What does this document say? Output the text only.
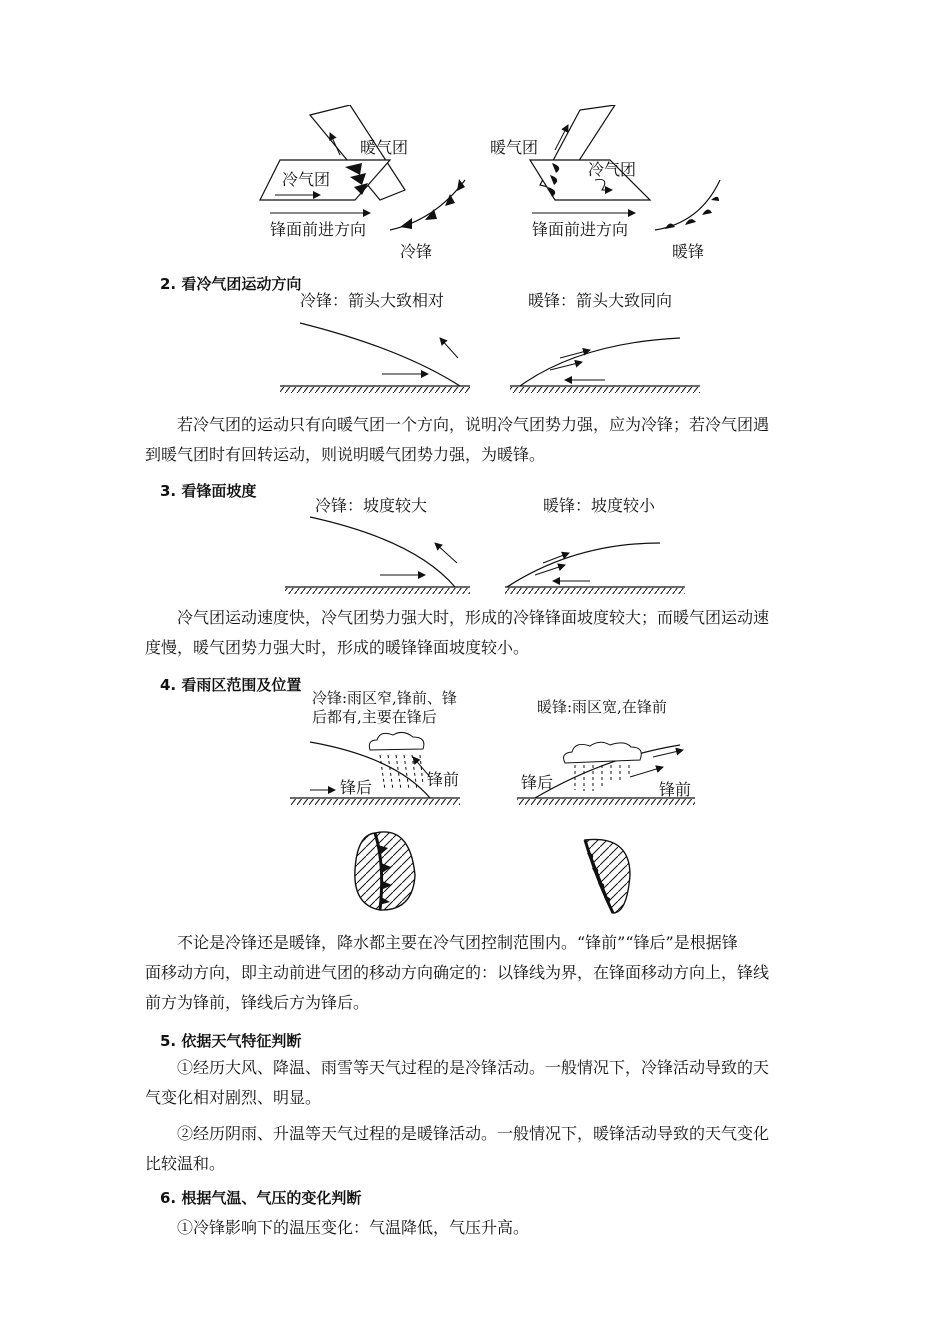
暖气团
冷气团
锋面前进方向
冷锋
暖气团
冷气团
锋面前进方向
暖锋
2. 看冷气团运动方向
冷锋：箭头大致相对	暖锋：箭头大致同向
若冷气团的运动只有向暖气团一个方向，说明冷气团势力强，应为冷锋；若冷气团遇
到暖气团时有回转运动，则说明暖气团势力强，为暖锋。
3. 看锋面坡度
冷锋：坡度较大	暖锋：坡度较小
冷气团运动速度快，冷气团势力强大时，形成的冷锋锋面坡度较大；而暖气团运动速
度慢，暖气团势力强大时，形成的暖锋锋面坡度较小。
4. 看雨区范围及位置
冷锋:雨区窄,锋前、锋
后都有,主要在锋后
暖锋:雨区宽,在锋前
锋后	锋前	锋后	锋前
不论是冷锋还是暖锋，降水都主要在冷气团控制范围内。“锋前”“锋后”是根据锋
面移动方向，即主动前进气团的移动方向确定的：以锋线为界，在锋面移动方向上，锋线
前方为锋前，锋线后方为锋后。
5. 依据天气特征判断
①经历大风、降温、雨雪等天气过程的是冷锋活动。一般情况下，冷锋活动导致的天
气变化相对剧烈、明显。
②经历阴雨、升温等天气过程的是暖锋活动。一般情况下，暖锋活动导致的天气变化
比较温和。
6. 根据气温、气压的变化判断
①冷锋影响下的温压变化：气温降低，气压升高。
